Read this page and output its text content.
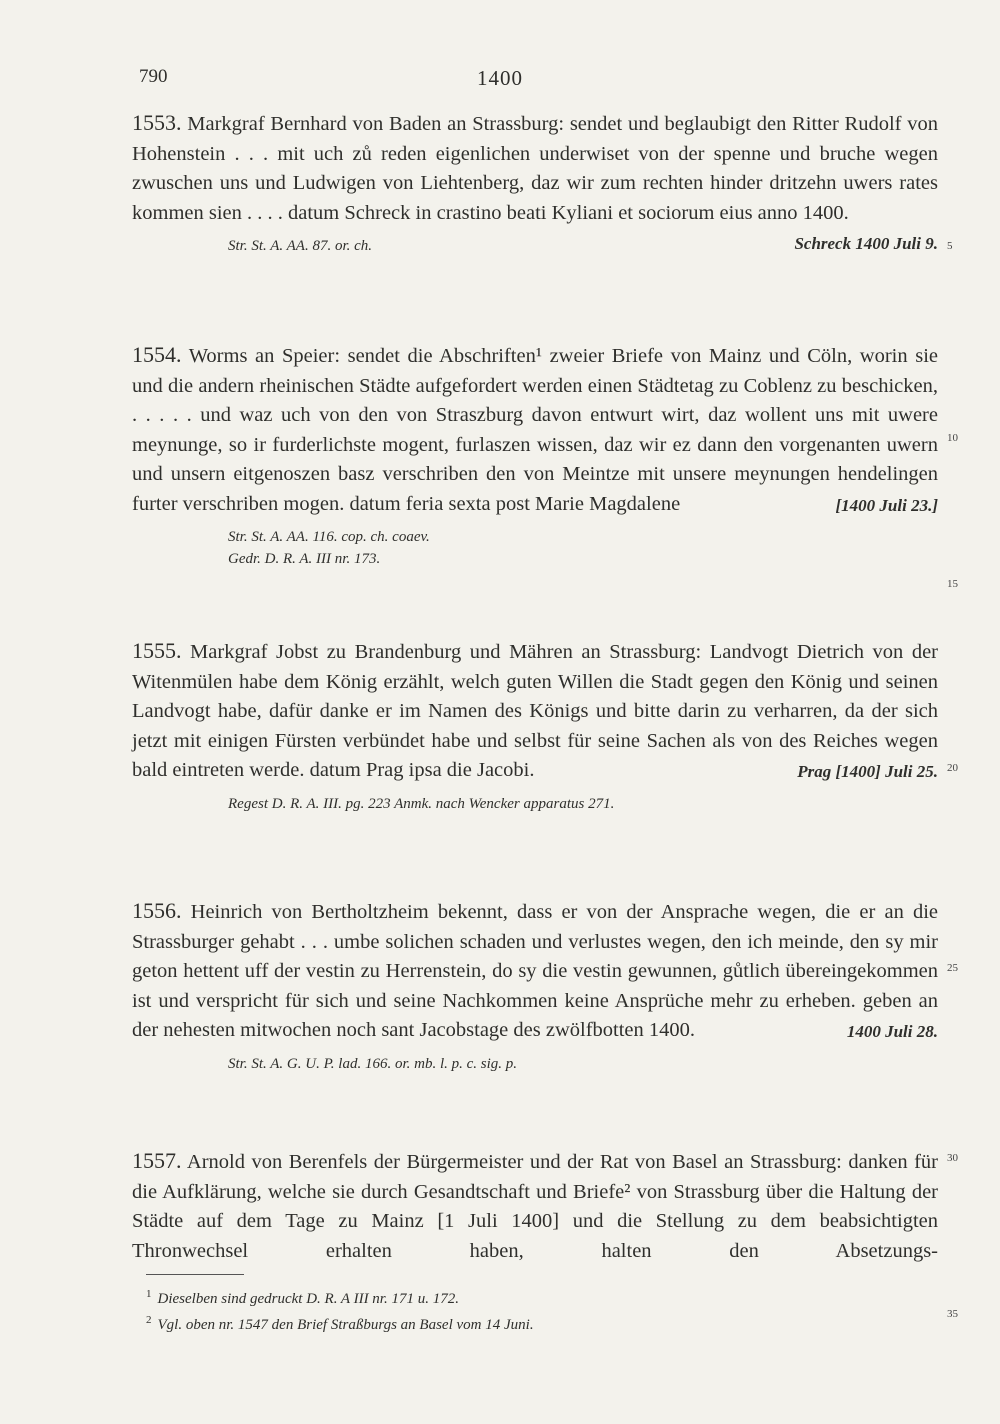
790	1400

1553. Markgraf Bernhard von Baden an Strassburg: sendet und beglaubigt den Ritter Rudolf von Hohenstein . . . mit uch zů reden eigenlichen underwiset von der spenne und bruche wegen zwuschen uns und Ludwigen von Liehtenberg, daz wir zum rechten hinder dritzehn uwers rates kommen sien . . . . datum Schreck in crastino beati Kyliani et sociorum eius anno 1400.
Schreck 1400 Juli 9.

Str. St. A. AA. 87. or. ch.

1554. Worms an Speier: sendet die Abschriften¹ zweier Briefe von Mainz und Cöln, worin sie und die andern rheinischen Städte aufgefordert werden einen Städtetag zu Coblenz zu beschicken, . . . . . und waz uch von den von Straszburg davon entwurt wirt, daz wollent uns mit uwere meynunge, so ir furderlichste mogent, furlaszen wissen, daz wir ez dann den vorgenanten uwern und unsern eitgenoszen basz verschriben den von Meintze mit unsere meynungen hendelingen furter verschriben mogen. datum feria sexta post Marie Magdalene	[1400 Juli 23.]

Str. St. A. AA. 116. cop. ch. coaev.
Gedr. D. R. A. III nr. 173.

1555. Markgraf Jobst zu Brandenburg und Mähren an Strassburg: Landvogt Dietrich von der Witenmülen habe dem König erzählt, welch guten Willen die Stadt gegen den König und seinen Landvogt habe, dafür danke er im Namen des Königs und bitte darin zu verharren, da der sich jetzt mit einigen Fürsten verbündet habe und selbst für seine Sachen als von des Reiches wegen bald eintreten werde. datum Prag ipsa die Jacobi.	Prag [1400] Juli 25.

Regest D. R. A. III. pg. 223 Anmk. nach Wencker apparatus 271.

1556. Heinrich von Bertholtzheim bekennt, dass er von der Ansprache wegen, die er an die Strassburger gehabt . . . umbe solichen schaden und verlustes wegen, den ich meinde, den sy mir geton hettent uff der vestin zu Herrenstein, do sy die vestin gewunnen, gůtlich übereingekommen ist und verspricht für sich und seine Nachkommen keine Ansprüche mehr zu erheben. geben an der nehesten mitwochen noch sant Jacobstage des zwölfbotten 1400.	1400 Juli 28.

Str. St. A. G. U. P. lad. 166. or. mb. l. p. c. sig. p.

1557. Arnold von Berenfels der Bürgermeister und der Rat von Basel an Strassburg: danken für die Aufklärung, welche sie durch Gesandtschaft und Briefe² von Strassburg über die Haltung der Städte auf dem Tage zu Mainz [1 Juli 1400] und die Stellung zu dem beabsichtigten Thronwechsel erhalten haben, halten den Absetzungs-

5
10
15
20
25
30
35
$^1$ Dieselben sind gedruckt D. R. A III nr. 171 u. 172.
$^2$ Vgl. oben nr. 1547 den Brief Straßburgs an Basel vom 14 Juni.
